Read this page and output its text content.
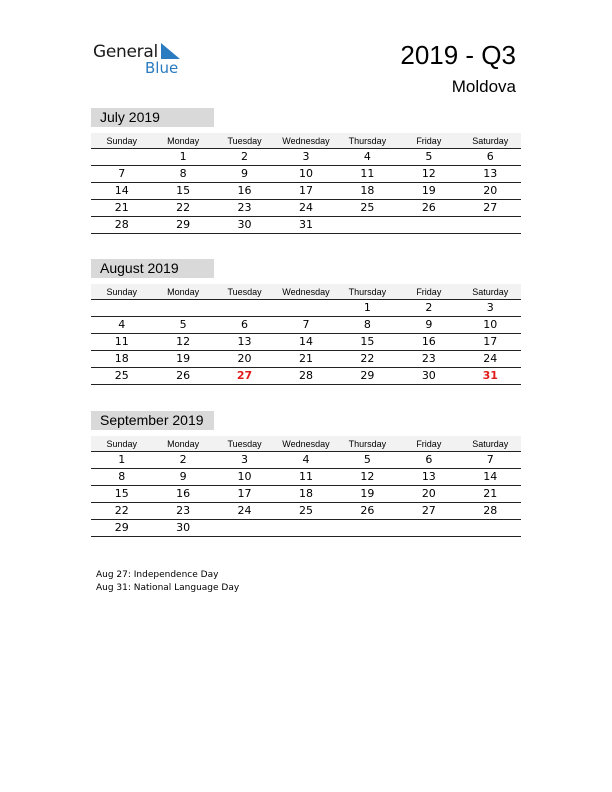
General
Blue	2019 - Q3
Moldova
July 2019
Sunday	Monday	Tuesday	Wednesday	Thursday	Friday	Saturday
	1	2	3	4	5	6
7	8	9	10	11	12	13
14	15	16	17	18	19	20
21	22	23	24	25	26	27
28	29	30	31			
August 2019
Sunday	Monday	Tuesday	Wednesday	Thursday	Friday	Saturday
				1	2	3
4	5	6	7	8	9	10
11	12	13	14	15	16	17
18	19	20	21	22	23	24
25	26	27	28	29	30	31
September 2019
Sunday	Monday	Tuesday	Wednesday	Thursday	Friday	Saturday
1	2	3	4	5	6	7
8	9	10	11	12	13	14
15	16	17	18	19	20	21
22	23	24	25	26	27	28
29	30					
Aug 27: Independence Day
Aug 31: National Language Day
